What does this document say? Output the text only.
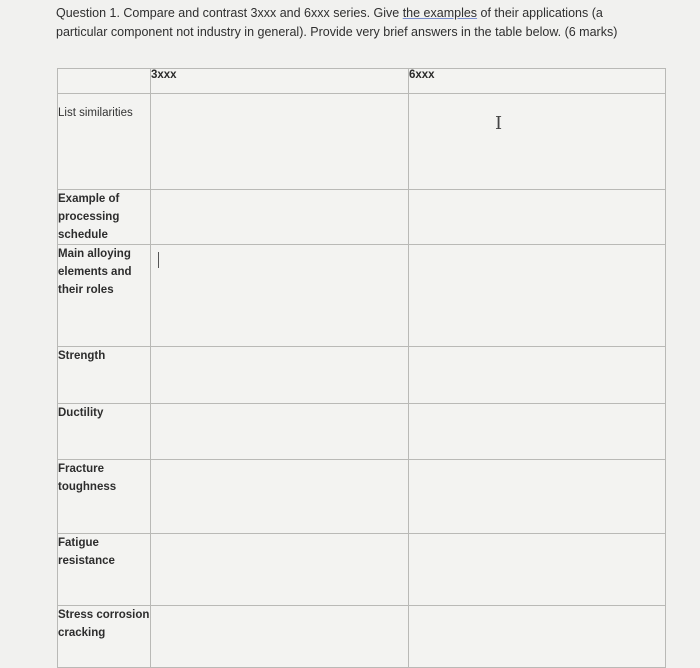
Question 1. Compare and contrast 3xxx and 6xxx series. Give the examples of their applications (a particular component not industry in general). Provide very brief answers in the table below. (6 marks)
	3xxx	6xxx
List similarities		
Example of processing schedule		
Main alloying elements and their roles		
Strength		
Ductility		
Fracture toughness		
Fatigue resistance		
Stress corrosion cracking		
I
